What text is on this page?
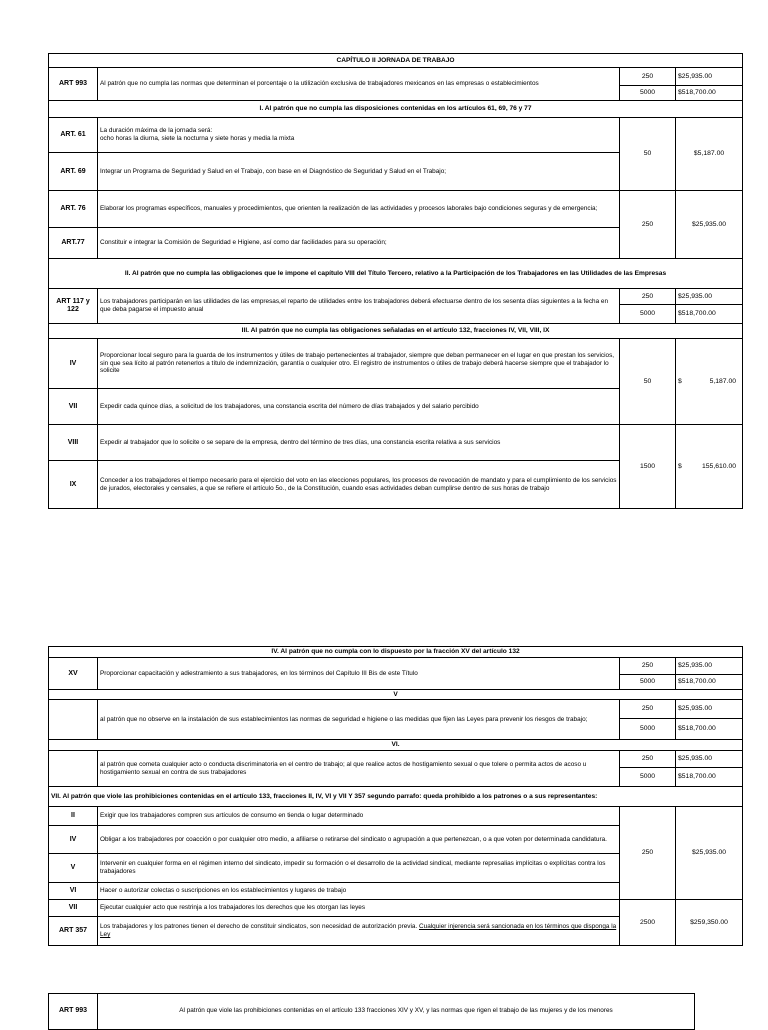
CAPÍTULO II JORNADA DE TRABAJO			
ART 993	Al patrón que no cumpla las normas que determinan el porcentaje o la utilización exclusiva de trabajadores mexicanos en las empresas o establecimientos	250	$25,935.00
		5000	$518,700.00
I. Al patrón que no cumpla las disposiciones contenidas en los artículos 61, 69, 76 y 77			
ART. 61	La duración máxima de la jornada será:
ocho horas la diurna, siete la nocturna y siete horas y media la mixta	50	$5,187.00
ART. 69	Integrar un Programa de Seguridad y Salud en el Trabajo, con base en el Diagnóstico de Seguridad y Salud en el Trabajo;		
ART. 76	Elaborar los programas específicos, manuales y procedimientos, que orienten la realización de las actividades y procesos laborales bajo condiciones seguras y de emergencia;	250	$25,935.00
ART.77	Constituir e integrar la Comisión de Seguridad e Higiene, así como dar facilidades para su operación;		
II. Al patrón que no cumpla las obligaciones que le impone el capítulo VIII del Título Tercero, relativo a la Participación de los Trabajadores en las Utilidades de las Empresas			
ART 117 y 122	Los trabajadores participarán en las utilidades de las empresas,el reparto de utilidades entre los trabajadores deberá efectuarse dentro de los sesenta días siguientes a la fecha en que deba pagarse el impuesto anual	250	$25,935.00
		5000	$518,700.00
III. Al patrón que no cumpla las obligaciones señaladas en el artículo 132, fracciones IV, VII, VIII, IX			
IV	Proporcionar local seguro para la guarda de los instrumentos y útiles de trabajo pertenecientes al trabajador, siempre que deban permanecer en el lugar en que prestan los servicios, sin que sea lícito al patrón retenerlos a título de indemnización, garantía o cualquier otro. El registro de instrumentos o útiles de trabajo deberá hacerse siempre que el trabajador lo solicite	50	$ 5,187.00

VII	Expedir cada quince días, a solicitud de los trabajadores, una constancia escrita del número de días trabajados y del salario percibido		
VIII	Expedir al trabajador que lo solicite o se separe de la empresa, dentro del término de tres días, una constancia escrita relativa a sus servicios	1500	$ 155,610.00

IX	Conceder a los trabajadores el tiempo necesario para el ejercicio del voto en las elecciones populares, los procesos de revocación de mandato y para el cumplimiento de los servicios de jurados, electorales y censales, a que se refiere el artículo 5o., de la Constitución, cuando esas actividades deban cumplirse dentro de sus horas de trabajo		
IV. Al patrón que no cumpla con lo dispuesto por la fracción XV del artículo 132			
XV	Proporcionar capacitación y adiestramiento a sus trabajadores, en los términos del Capítulo III Bis de este Título	250	$25,935.00
		5000	$518,700.00
V			
	al patrón que no observe en la instalación de sus establecimientos las normas de seguridad e higiene o las medidas que fijen las Leyes para prevenir los riesgos de trabajo;	250	$25,935.00
		5000	$518,700.00
VI.			
	al patrón que cometa cualquier acto o conducta discriminatoria en el centro de trabajo; al que realice actos de hostigamiento sexual o que tolere o permita actos de acoso u hostigamiento sexual en contra de sus trabajadores	250	$25,935.00
		5000	$518,700.00
VII. Al patrón que viole las prohibiciones contenidas en el artículo 133, fracciones II, IV, VI y VII Y 357 segundo parrafo: queda prohibido a los patrones o a sus representantes:			
II	Exigir que los trabajadores compren sus artículos de consumo en tienda o lugar determinado	250	$25,935.00
IV	Obligar a los trabajadores por coacción o por cualquier otro medio, a afiliarse o retirarse del sindicato o agrupación a que pertenezcan, o a que voten por determinada candidatura.		
V	Intervenir en cualquier forma en el régimen interno del sindicato, impedir su formación o el desarrollo de la actividad sindical, mediante represalias implícitas o explícitas contra los trabajadores		
VI	Hacer o autorizar colectas o suscripciones en los establecimientos y lugares de trabajo		
VII	Ejecutar cualquier acto que restrinja a los trabajadores los derechos que les otorgan las leyes	2500	$259,350.00
ART 357	Los trabajadores y los patrones tienen el derecho de constituir sindicatos, son necesidad de autorización previa. Cualquier injerencia será sancionada en los términos que disponga la Ley		
ART 993	Al patrón que viole las prohibiciones contenidas en el artículo 133 fracciones XIV y XV, y las normas que rigen el trabajo de las mujeres y de los menores
